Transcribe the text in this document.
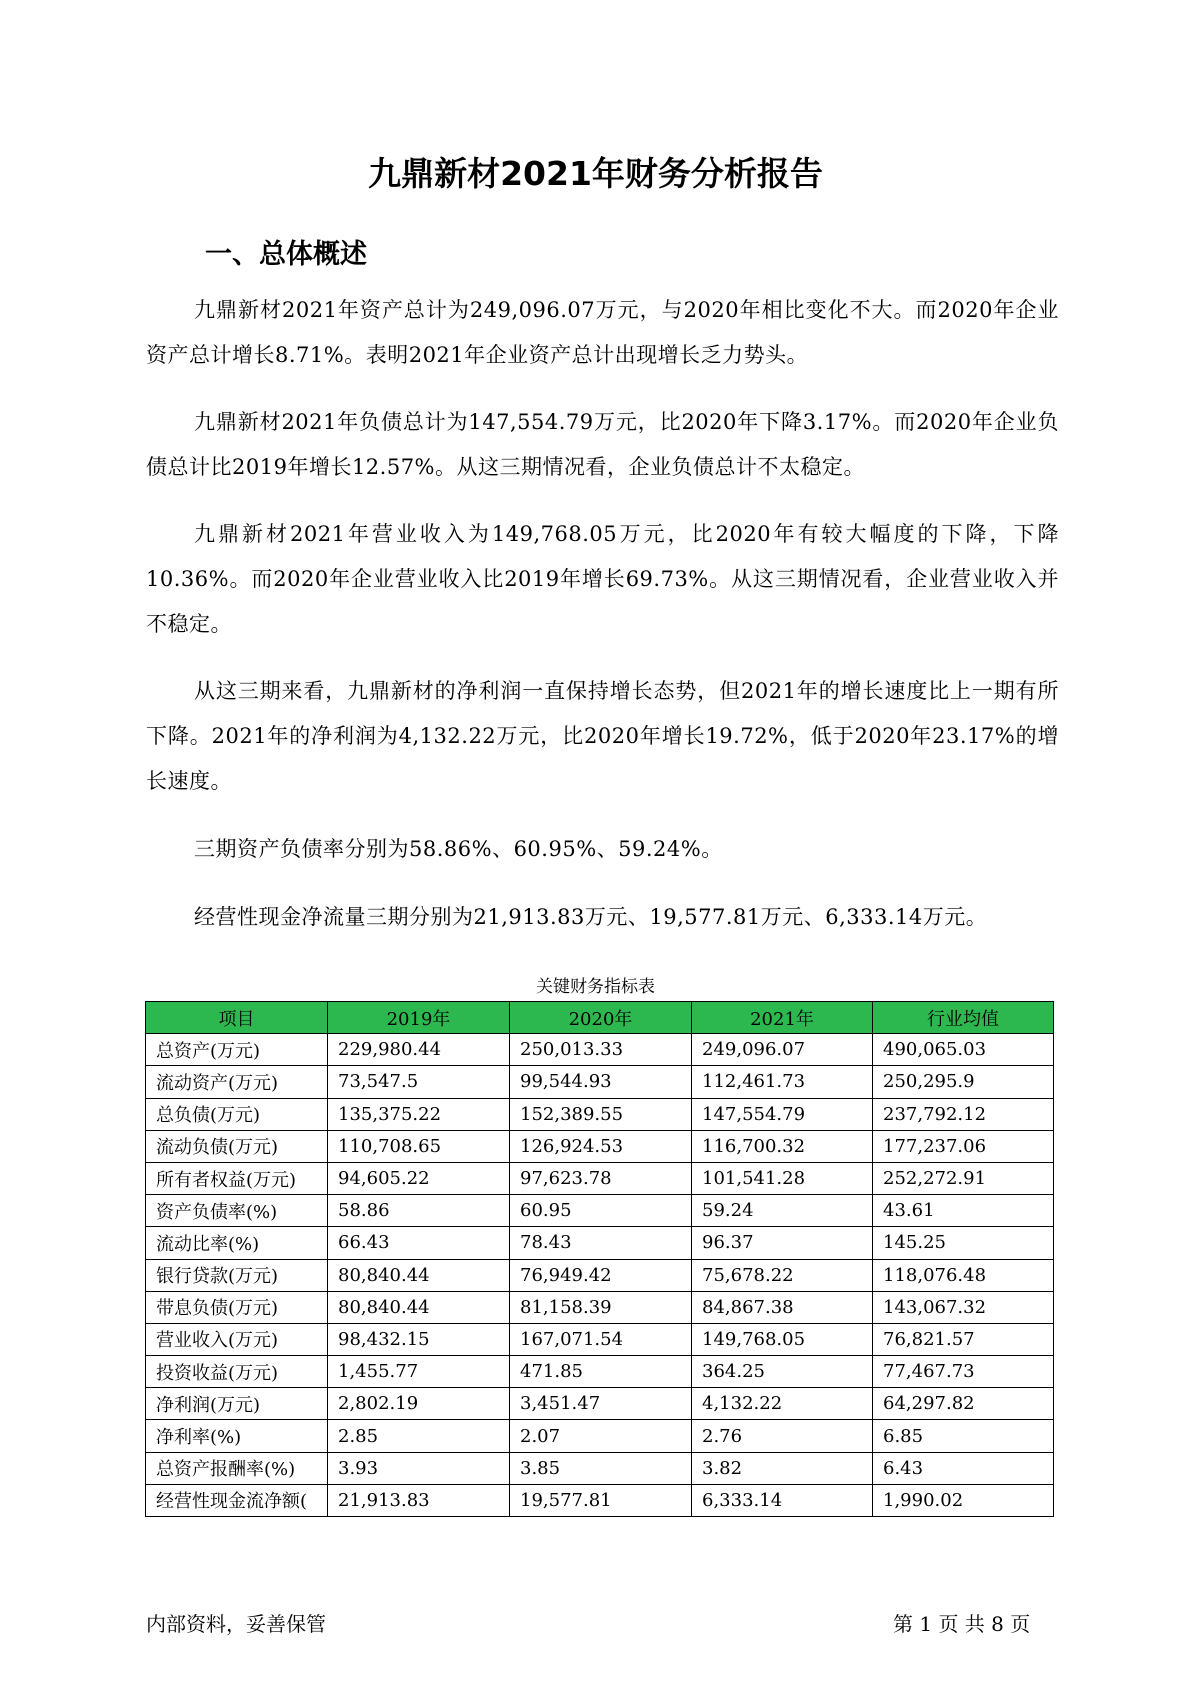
九鼎新材2021年财务分析报告
一、总体概述

九鼎新材2021年资产总计为249,096.07万元，与2020年相比变化不大。而2020年企业资产总计增长8.71%。表明2021年企业资产总计出现增长乏力势头。

九鼎新材2021年负债总计为147,554.79万元，比2020年下降3.17%。而2020年企业负债总计比2019年增长12.57%。从这三期情况看，企业负债总计不太稳定。

九鼎新材2021年营业收入为149,768.05万元，比2020年有较大幅度的下降，下降10.36%。而2020年企业营业收入比2019年增长69.73%。从这三期情况看，企业营业收入并不稳定。

从这三期来看，九鼎新材的净利润一直保持增长态势，但2021年的增长速度比上一期有所下降。2021年的净利润为4,132.22万元，比2020年增长19.72%，低于2020年23.17%的增长速度。

三期资产负债率分别为58.86%、60.95%、59.24%。

经营性现金净流量三期分别为21,913.83万元、19,577.81万元、6,333.14万元。

关键财务指标表
项目	2019年	2020年	2021年	行业均值
总资产(万元)	229,980.44	250,013.33	249,096.07	490,065.03
流动资产(万元)	73,547.5	99,544.93	112,461.73	250,295.9
总负债(万元)	135,375.22	152,389.55	147,554.79	237,792.12
流动负债(万元)	110,708.65	126,924.53	116,700.32	177,237.06
所有者权益(万元)	94,605.22	97,623.78	101,541.28	252,272.91
资产负债率(%)	58.86	60.95	59.24	43.61
流动比率(%)	66.43	78.43	96.37	145.25
银行贷款(万元)	80,840.44	76,949.42	75,678.22	118,076.48
带息负债(万元)	80,840.44	81,158.39	84,867.38	143,067.32
营业收入(万元)	98,432.15	167,071.54	149,768.05	76,821.57
投资收益(万元)	1,455.77	471.85	364.25	77,467.73
净利润(万元)	2,802.19	3,451.47	4,132.22	64,297.82
净利率(%)	2.85	2.07	2.76	6.85
总资产报酬率(%)	3.93	3.85	3.82	6.43
经营性现金流净额(	21,913.83	19,577.81	6,333.14	1,990.02
内部资料，妥善保管	第 1 页 共 8 页
